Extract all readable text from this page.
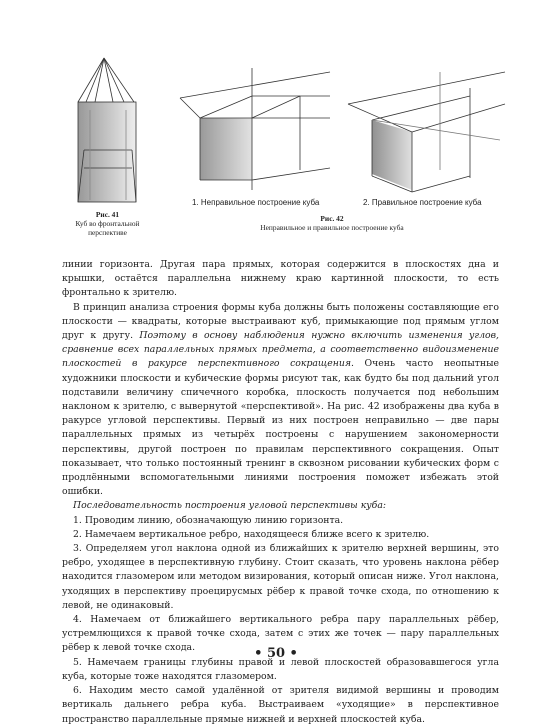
Рис. 41
Куб во фронтальной
перспективе
1. Неправильное построение куба	2. Правильное построение куба
Рис. 42
Неправильное и правильное построение куба

линии горизонта. Другая пара прямых, которая содержится в плоскостях дна и крышки, остаётся параллельна нижнему краю картинной плоскости, то есть фронтально к зрителю.

В принцип анализа строения формы куба должны быть положены составляющие его плоскости — квадраты, которые выстраивают куб, примыкающие под прямым углом друг к другу. Поэтому в основу наблюдения нужно включить изменения углов, сравнение всех параллельных прямых предмета, а соответственно видоизменение плоскостей в ракурсе перспективного сокращения. Очень часто неопытные художники плоскости и кубические формы рисуют так, как будто бы под дальний угол подставили величину спичечного коробка, плоскость получается под небольшим наклоном к зрителю, с вывернутой «перспективой». На рис. 42 изображены два куба в ракурсе угловой перспективы. Первый из них построен неправильно — две пары параллельных прямых из четырёх построены с нарушением закономерности перспективы, другой построен по правилам перспективного сокращения. Опыт показывает, что только постоянный тренинг в сквозном рисовании кубических форм с продлёнными вспомогательными линиями построения поможет избежать этой ошибки.

Последовательность построения угловой перспективы куба:

1. Проводим линию, обозначающую линию горизонта.

2. Намечаем вертикальное ребро, находящееся ближе всего к зрителю.

3. Определяем угол наклона одной из ближайших к зрителю верхней вершины, это ребро, уходящее в перспективную глубину. Стоит сказать, что уровень наклона рёбер находится глазомером или методом визирования, который описан ниже. Угол наклона, уходящих в перспективу проецирусмых рёбер к правой точке схода, по отношению к левой, не одинаковый.

4. Намечаем от ближайшего вертикального ребра пару параллельных рёбер, устремлющихся к правой точке схода, затем с этих же точек — пару параллельных рёбер к левой точке схода.

5. Намечаем границы глубины правой и левой плоскостей образовавшегося угла куба, которые тоже находятся глазомером.

6. Находим место самой удалённой от зрителя видимой вершины и проводим вертикаль дальнего ребра куба. Выстраиваем «уходящие» в перспективное пространство параллельные прямые нижней и верхней плоскостей куба.

• 50 •
